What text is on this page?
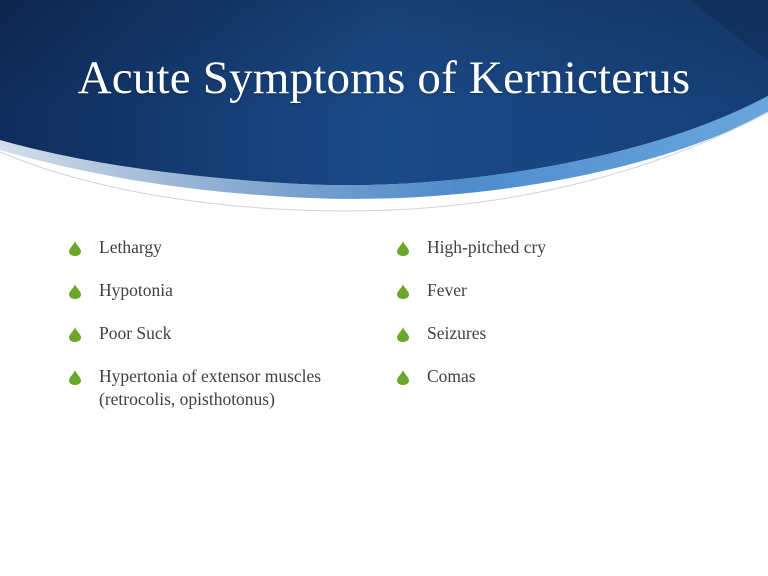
Acute Symptoms of Kernicterus
Lethargy
Hypotonia
Poor Suck
Hypertonia of extensor muscles (retrocolis, opisthotonus)
High-pitched cry
Fever
Seizures
Comas
